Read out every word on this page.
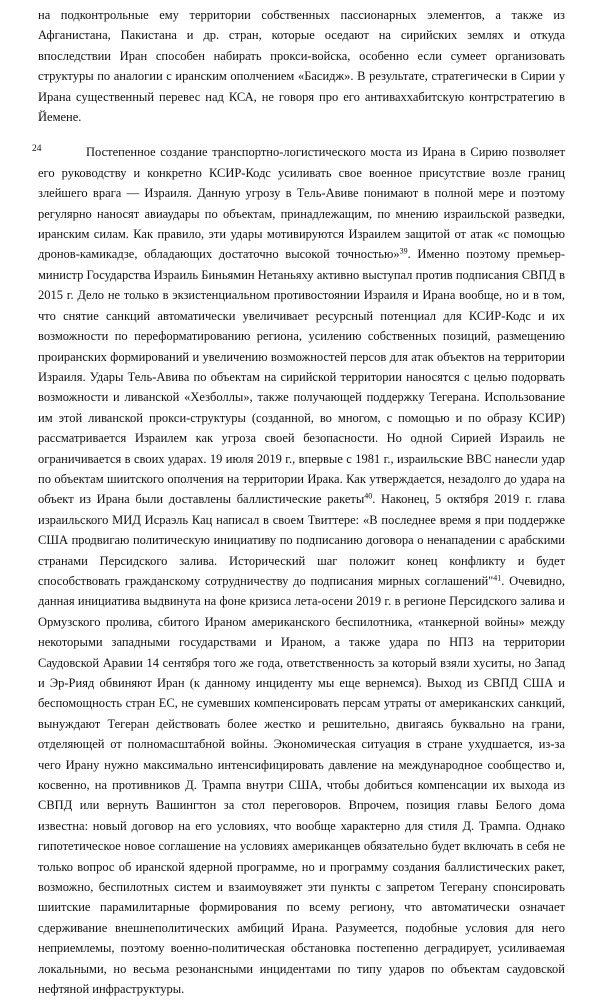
на подконтрольные ему территории собственных пассионарных элементов, а также из Афганистана, Пакистана и др. стран, которые оседают на сирийских землях и откуда впоследствии Иран способен набирать прокси-войска, особенно если сумеет организовать структуры по аналогии с иранским ополчением «Басидж». В результате, стратегически в Сирии у Ирана существенный перевес над КСА, не говоря про его антиваххабитскую контрстратегию в Йемене.

24	Постепенное создание транспортно-логистического моста из Ирана в Сирию позволяет его руководству и конкретно КСИР-Кодс усиливать свое военное присутствие возле границ злейшего врага — Израиля. Данную угрозу в Тель-Авиве понимают в полной мере и поэтому регулярно наносят авиаудары по объектам, принадлежащим, по мнению израильской разведки, иранским силам. Как правило, эти удары мотивируются Израилем защитой от атак «с помощью дронов-камикадзе, обладающих достаточно высокой точностью»$^{39}$. Именно поэтому премьер-министр Государства Израиль Биньямин Нетаньяху активно выступал против подписания СВПД в 2015 г. Дело не только в экзистенциальном противостоянии Израиля и Ирана вообще, но и в том, что снятие санкций автоматически увеличивает ресурсный потенциал для КСИР-Кодс и их возможности по переформатированию региона, усилению собственных позиций, размещению проиранских формирований и увеличению возможностей персов для атак объектов на территории Израиля. Удары Тель-Авива по объектам на сирийской территории наносятся с целью подорвать возможности и ливанской «Хезболлы», также получающей поддержку Тегерана. Использование им этой ливанской прокси-структуры (созданной, во многом, с помощью и по образу КСИР) рассматривается Израилем как угроза своей безопасности. Но одной Сирией Израиль не ограничивается в своих ударах. 19 июля 2019 г., впервые с 1981 г., израильские ВВС нанесли удар по объектам шиитского ополчения на территории Ирака. Как утверждается, незадолго до удара на объект из Ирана были доставлены баллистические ракеты$^{40}$. Наконец, 5 октября 2019 г. глава израильского МИД Исраэль Кац написал в своем Твиттере: «В последнее время я при поддержке США продвигаю политическую инициативу по подписанию договора о ненападении с арабскими странами Персидского залива. Исторический шаг положит конец конфликту и будет способствовать гражданскому сотрудничеству до подписания мирных соглашений"$^{41}$. Очевидно, данная инициатива выдвинута на фоне кризиса лета-осени 2019 г. в регионе Персидского залива и Ормузского пролива, сбитого Ираном американского беспилотника, «танкерной войны» между некоторыми западными государствами и Ираном, а также удара по НПЗ на территории Саудовской Аравии 14 сентября того же года, ответственность за который взяли хуситы, но Запад и Эр-Рияд обвиняют Иран (к данному инциденту мы еще вернемся). Выход из СВПД США и беспомощность стран ЕС, не сумевших компенсировать персам утраты от американских санкций, вынуждают Тегеран действовать более жестко и решительно, двигаясь буквально на грани, отделяющей от полномасштабной войны. Экономическая ситуация в стране ухудшается, из-за чего Ирану нужно максимально интенсифицировать давление на международное сообщество и, косвенно, на противников Д. Трампа внутри США, чтобы добиться компенсации их выхода из СВПД или вернуть Вашингтон за стол переговоров. Впрочем, позиция главы Белого дома известна: новый договор на его условиях, что вообще характерно для стиля Д. Трампа. Однако гипотетическое новое соглашение на условиях американцев обязательно будет включать в себя не только вопрос об иранской ядерной программе, но и программу создания баллистических ракет, возможно, беспилотных систем и взаимоувяжет эти пункты с запретом Тегерану спонсировать шиитские парамилитарные формирования по всему региону, что автоматически означает сдерживание внешнеполитических амбиций Ирана. Разумеется, подобные условия для него неприемлемы, поэтому военно-политическая обстановка постепенно деградирует, усиливаемая локальными, но весьма резонансными инцидентами по типу ударов по объектам саудовской нефтяной инфраструктуры.
